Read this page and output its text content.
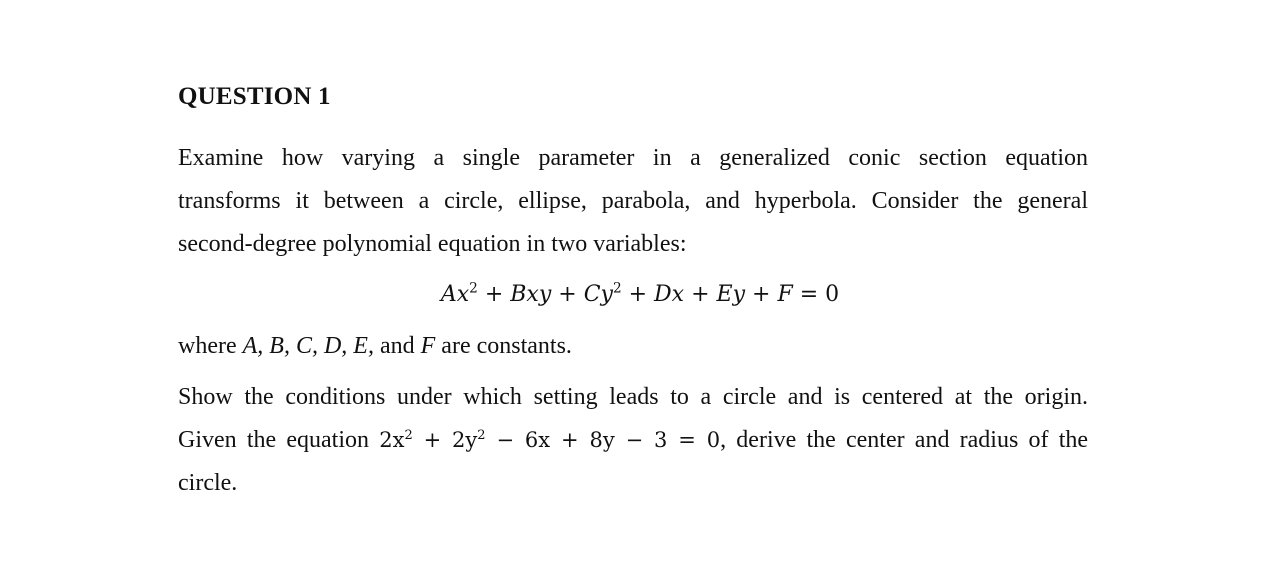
QUESTION 1
Examine how varying a single parameter in a generalized conic section equation
transforms it between a circle, ellipse, parabola, and hyperbola. Consider the general
second-degree polynomial equation in two variables:
$Ax^2$ + Bxy + $Cy^2 + Dx + Ey + F = 0$
where A, B, C, D, E, and F are constants.
Show the conditions under which setting leads to a circle and is centered at the origin.
Given the equation $2x^2 + 2y^2 - 6x + 8y - 3 = 0$, derive the center and radius of the
circle.
